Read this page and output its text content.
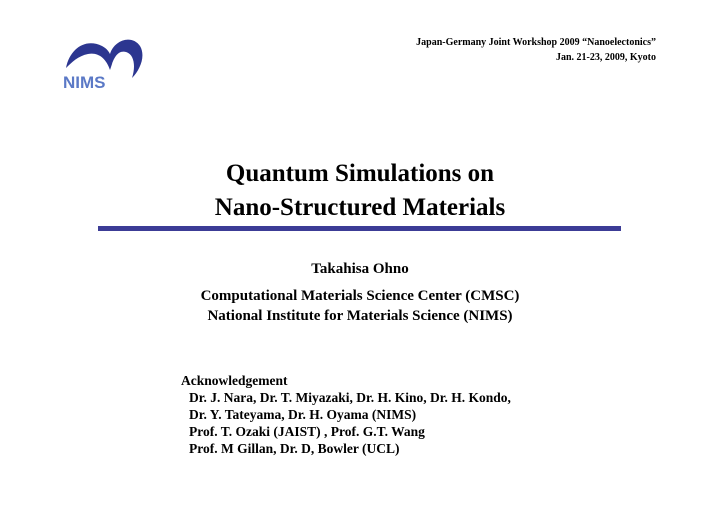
NIMS
Japan-Germany Joint Workshop 2009 “Nanoelectonics”
Jan. 21-23, 2009, Kyoto
Quantum Simulations on
Nano-Structured Materials
Takahisa Ohno
Computational Materials Science Center (CMSC)
National Institute for Materials Science (NIMS)
Acknowledgement
Dr. J. Nara, Dr. T. Miyazaki, Dr. H. Kino, Dr. H. Kondo,
Dr. Y. Tateyama, Dr. H. Oyama (NIMS)
Prof. T. Ozaki (JAIST) , Prof. G.T. Wang
Prof. M Gillan, Dr. D, Bowler (UCL)
